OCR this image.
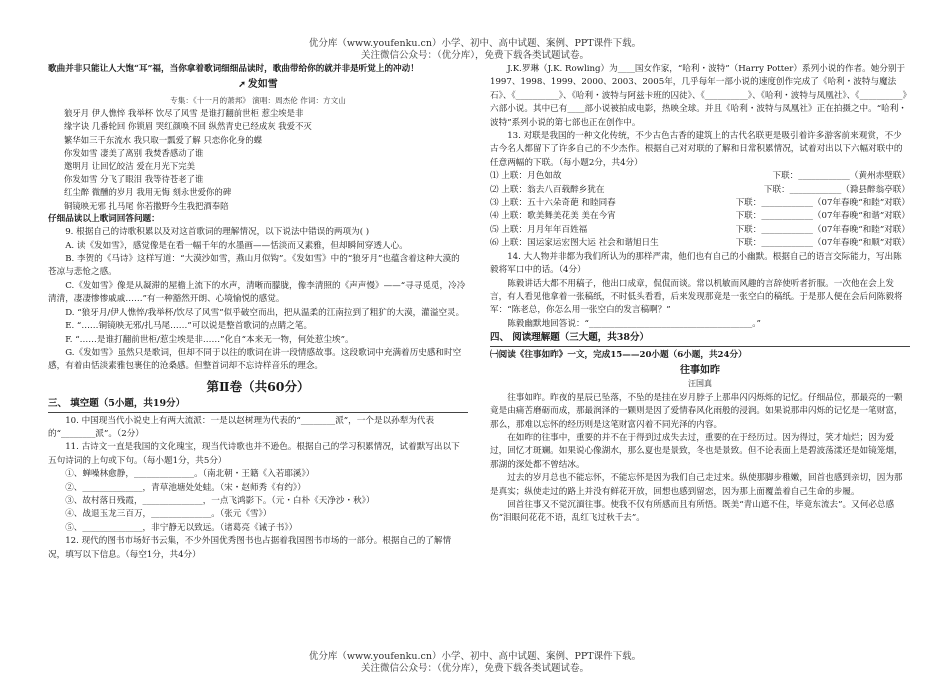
优分库（www.youfenku.cn）小学、初中、高中试题、案例、PPT课件下载。

关注微信公众号：（优分库），免费下载各类试题试卷。

歌曲并非只能让人大饱“耳”福，当你拿着歌词细细品读时，歌曲带给你的就并非是听觉上的冲动！

➚ 发如雪

专集：《十一月的萧邦》 演唱：周杰伦 作词：方文山

狼牙月 伊人憔悴 我举杯 饮尽了风雪 是谁打翻前世柜 惹尘埃是非

缘字诀 几番轮回 你锁眉 哭红颜唤不回 纵然青史已经成灰 我爱不灭

繁华如三千东流水 我只取一瓢爱了解 只恋你化身的蝶

你发如雪 凄美了离别 我焚香感动了谁

邀明月 让回忆皎洁 爱在月光下完美

你发如雪 分飞了眼泪 我等待苍老了谁

红尘醉 微醺的岁月 我用无悔 刻永世爱你的碑

铜镜映无邪 扎马尾 你若撒野今生我把酒奉陪

仔细品读以上歌词回答问题：

9. 根据自己的诗歌积累以及对这首歌词的理解情况，以下说法中错误的两项为( )

A. 读《发如雪》，感觉像是在看一幅千年的水墨画——恬淡而又素雅，但却瞬间穿透人心。

B. 李贺的《马诗》这样写道：“大漠沙如雪，燕山月似钩”。《发如雪》中的“狼牙月”也蕴含着这种大漠的苍凉与悲怆之感。

C.《发如雪》像是从凝滞的屋檐上流下的水声，清晰而朦胧，像李清照的《声声慢》——“寻寻觅觅，冷冷清清，凄凄惨惨戚戚……”有一种豁然开朗、心境愉悦的感觉。

D. “狼牙月/伊人憔悴/我举杯/饮尽了风雪”似乎破空而出，把从温柔的江南拉到了粗犷的大漠，灌溢空灵。

E. “……铜镜映无邪/扎马尾……”可以说是整首歌词的点睛之笔。

F. “……是谁打翻前世柜/惹尘埃是非……”化自“本来无一物，何处惹尘埃”。

G.《发如雪》虽然只是歌词，但却不同于以往的歌词在讲一段情感故事。这段歌词中充满着历史感和时空感，有着由恬淡素雅包裹住的沧桑感。但整首词却不忘诗样音乐的理念。

第Ⅱ卷（共60分）

三、 填空题（5小题，共19分）

10. 中国现当代小说史上有两大流派：一是以赵树理为代表的“________派”，一个是以孙犁为代表的“________派”。（2分）

11. 古诗文一直是我国的文化瑰宝，现当代诗歌也并不逊色。根据自己的学习积累情况，试着默写出以下五句诗词的上句或下句。（每小题1分，共5分）

①、蝉噪林愈静，______________。（南北朝・王籍《入若耶溪》）

②、______________，青草池塘处处蛙。（宋・赵师秀《有约》）

③、故村落日残霞，______________，一点飞鸿影下。（元・白朴《天净沙・秋》）

④、战退玉龙三百万，______________。（张元《雪》）

⑤、______________，非宁静无以致远。（诸葛亮《诫子书》）

12. 现代的图书市场好书云集，不少外国优秀图书也占据着我国图书市场的一部分。根据自己的了解情况，填写以下信息。（每空1分，共4分）

J.K.罗琳（J.K. Rowling）为____国女作家，“哈利・波特”（Harry Potter）系列小说的作者。她分别于1997、1998、1999、2000、2003、2005年，几乎每年一部小说的速度创作完成了《哈利・波特与魔法石》、《__________》、《哈利・波特与阿兹卡班的囚徒》、《__________》、《哈利・波特与凤凰社》、《__________》六部小说。其中已有____部小说被拍成电影，热映全球。并且《哈利・波特与凤凰社》正在拍摄之中。“哈利・波特”系列小说的第七部也正在创作中。

13. 对联是我国的一种文化传统，不少古色古香的建筑上的古代名联更是吸引着许多游客前来观赏，不少古今名人都留下了许多自己的不少杰作。根据自己对对联的了解和日常积累情况，试着对出以下六幅对联中的任意两幅的下联。（每小题2分，共4分）

⑴ 上联：月色如故	下联：____________（黄州赤壁联）

⑵ 上联：翁去八百载醉乡犹在	下联：____________（滁县醉翁亭联）

⑶ 上联：五十六朵奇葩 和睦同春	下联：____________（07年春晚“和睦”对联）

⑷ 上联：歌美舞美花美 美在今宵	下联：____________（07年春晚“和谐”对联）

⑸ 上联：月月年年百姓福	下联：____________（07年春晚“和睦”对联）

⑹ 上联：国运家运宏图大运 社会和谐旭日生	下联：____________（07年春晚“和顺”对联）

14. 大人物并非都为我们所认为的那样严肃，他们也有自己的小幽默。根据自己的语言交际能力，写出陈毅将军口中的话。（4分）

陈毅讲话大都不用稿子，他出口成章，侃侃而谈。常以机敏而风趣的言辞使听者折服。一次他在会上发言，有人看见他拿着一张稿纸，不时低头看看，后来发现那竟是一张空白的稿纸。于是那人便在会后问陈毅将军：“陈老总，你怎么用一张空白的发言稿啊？”

陈毅幽默地回答说：“______________________________________。”

四、 阅读理解题（三大题，共38分）

㈠阅读《往事如昨》一文，完成15——20小题（6小题，共24分）

往事如昨

汪国真

往事如昨。昨夜的星辰已坠落，不坠的是挂在岁月脖子上那串闪闪烁烁的记忆。仔细品位，那最亮的一颗竟是由痛苦磨砺而成，那最润泽的一颗则是因了爱情春风化雨般的浸润。如果说那串闪烁的记忆是一笔财富，那么，那难以忘怀的经历则是这笔财富闪着不同光泽的内容。

在如昨的往事中，重要的并不在于得到过成失去过，重要的在于经历过。因为得过，笑才灿烂；因为爱过，回忆才斑斓。如果说心像湖水，那么夏也是景致，冬也是景致。但不论表面上是碧波荡漾还是如镜笼烟，那湖的深处都不曾结冰。

过去的岁月总也不能忘怀，不能忘怀是因为我们自己走过来。纵使那脚步稚嫩，回首也感到亲切，因为那是真实；纵使走过的路上并没有鲜花开放，回想也感到留恋，因为那上面覆盖着自己生命的步履。

回首往事又不觉沉湎往事。使我不仅有所感而且有所悟。既美“青山遮不住，毕竟东流去”。又何必总感伤“泪眼问花花不语，乱红飞过秋千去”。

优分库（www.youfenku.cn）小学、初中、高中试题、案例、PPT课件下载。

关注微信公众号：（优分库），免费下载各类试题试卷。
